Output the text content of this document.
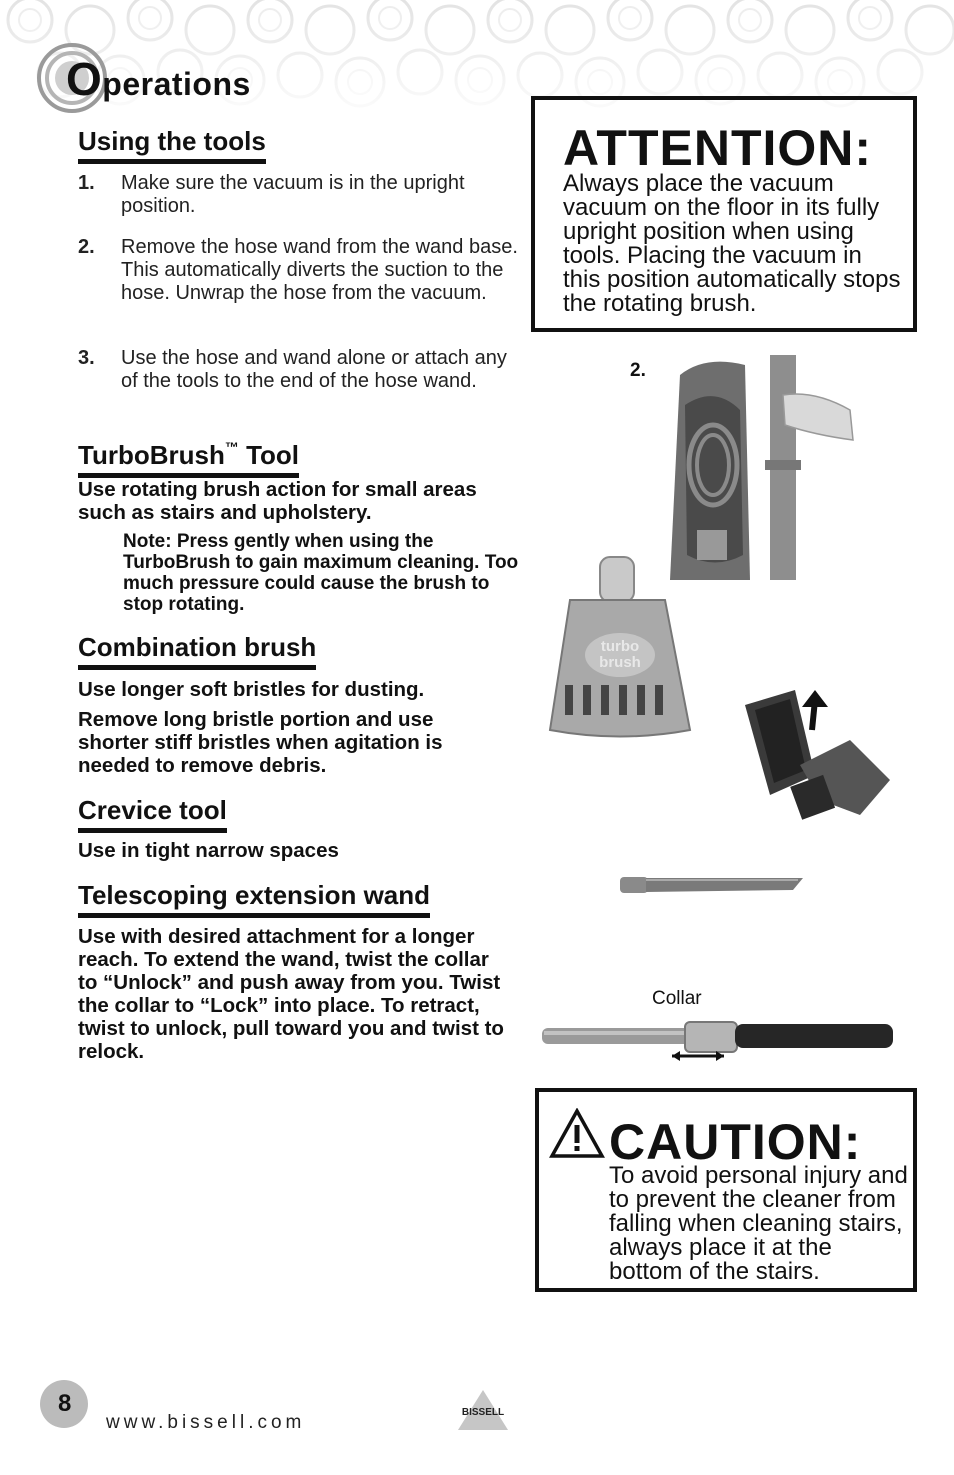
Operations
Using the tools
1. Make sure the vacuum is in the upright position.
2. Remove the hose wand from the wand base. This automatically diverts the suction to the hose. Unwrap the hose from the vacuum.
3. Use the hose and wand alone or attach any of the tools to the end of the hose wand.
TurboBrush™ Tool
Use rotating brush action for small areas such as stairs and upholstery.
Note: Press gently when using the TurboBrush to gain maximum cleaning. Too much pressure could cause the brush to stop rotating.
Combination brush
Use longer soft bristles for dusting.
Remove long bristle portion and use shorter stiff bristles when agitation is needed to remove debris.
Crevice tool
Use in tight narrow spaces
Telescoping extension wand
Use with desired attachment for a longer reach. To extend the wand, twist the collar to “Unlock” and push away from you. Twist the collar to “Lock” into place. To retract, twist to unlock, pull toward you and twist to relock.
ATTENTION:
Always place the vacuum vacuum on the floor in its fully upright position when using tools. Placing the vacuum in this position automatically stops the rotating brush.
2.
turbo
brush
Collar
CAUTION:
To avoid personal injury and to prevent the cleaner from falling when cleaning stairs, always place it at the bottom of the stairs.
8
www.bissell.com	BISSELL
